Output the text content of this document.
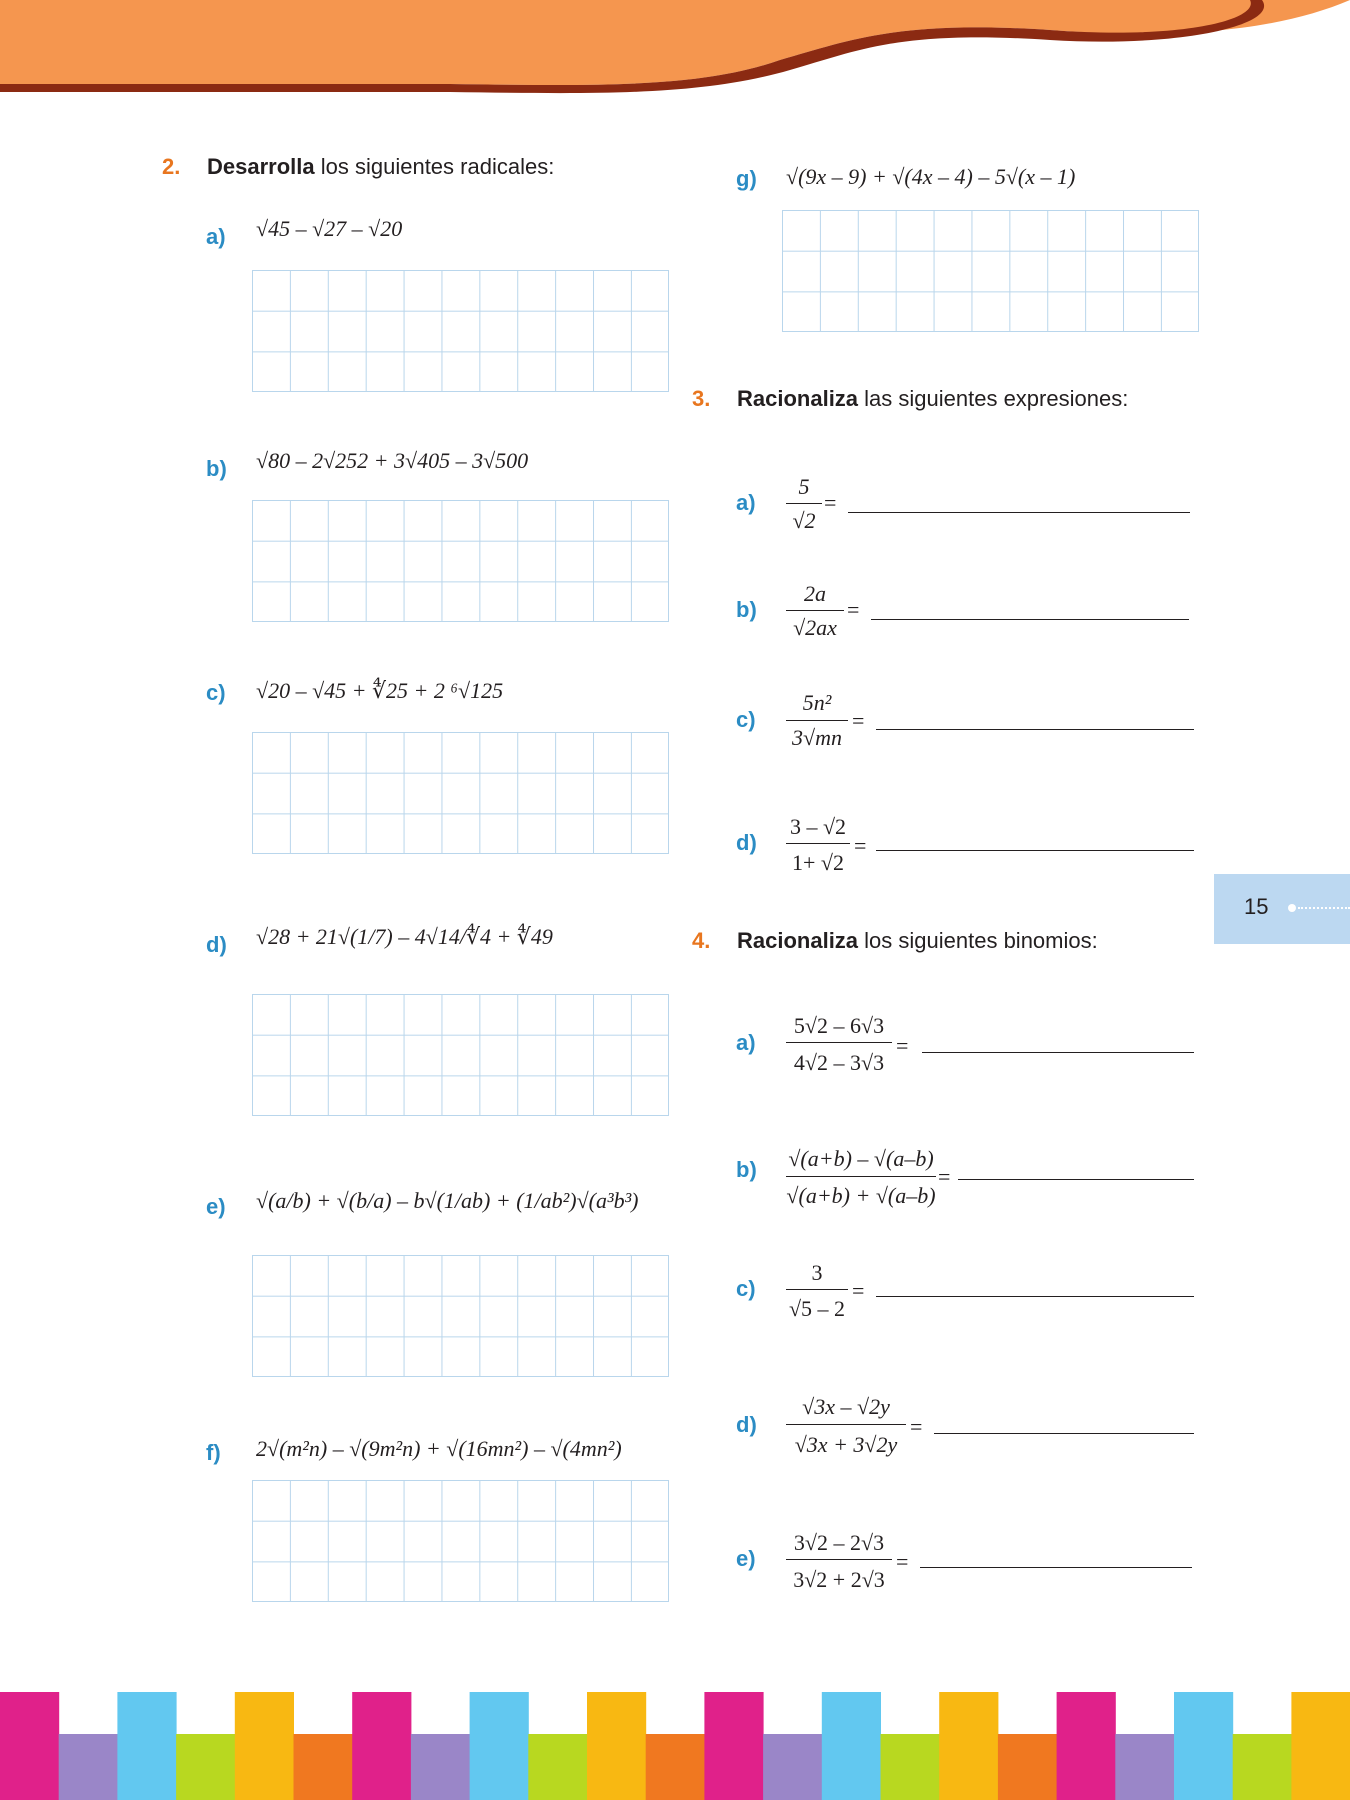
2. Desarrolla los siguientes radicales:
a) √45 – √27 – √20
b) √80 – 2√252 + 3√405 – 3√500
c) √20 – √45 + ∜25 + 2 ⁶√125
d) √28 + 21√(1/7) – 4√14/∜4 + ∜49
e) √(a/b) + √(b/a) – b√(1/ab) + (1/ab²)√(a³b³)
f) 2√(m²n) – √(9m²n) + √(16mn²) – √(4mn²)
g) √(9x – 9) + √(4x – 4) – 5√(x – 1)
3. Racionaliza las siguientes expresiones:
a)
5
√2
=
b)
2a
√2ax
=
c)
5n²
3√mn
=
d)
3 – √2
1+ √2
=
4. Racionaliza los siguientes binomios:
a)
5√2 – 6√3
4√2 – 3√3
=
b) √(a+b) – √(a–b)
√(a+b) + √(a–b)
=
c)
3
√5 – 2
=
d)
√3x – √2y
√3x + 3√2y
=
e)
3√2 – 2√3
3√2 + 2√3
=
15
